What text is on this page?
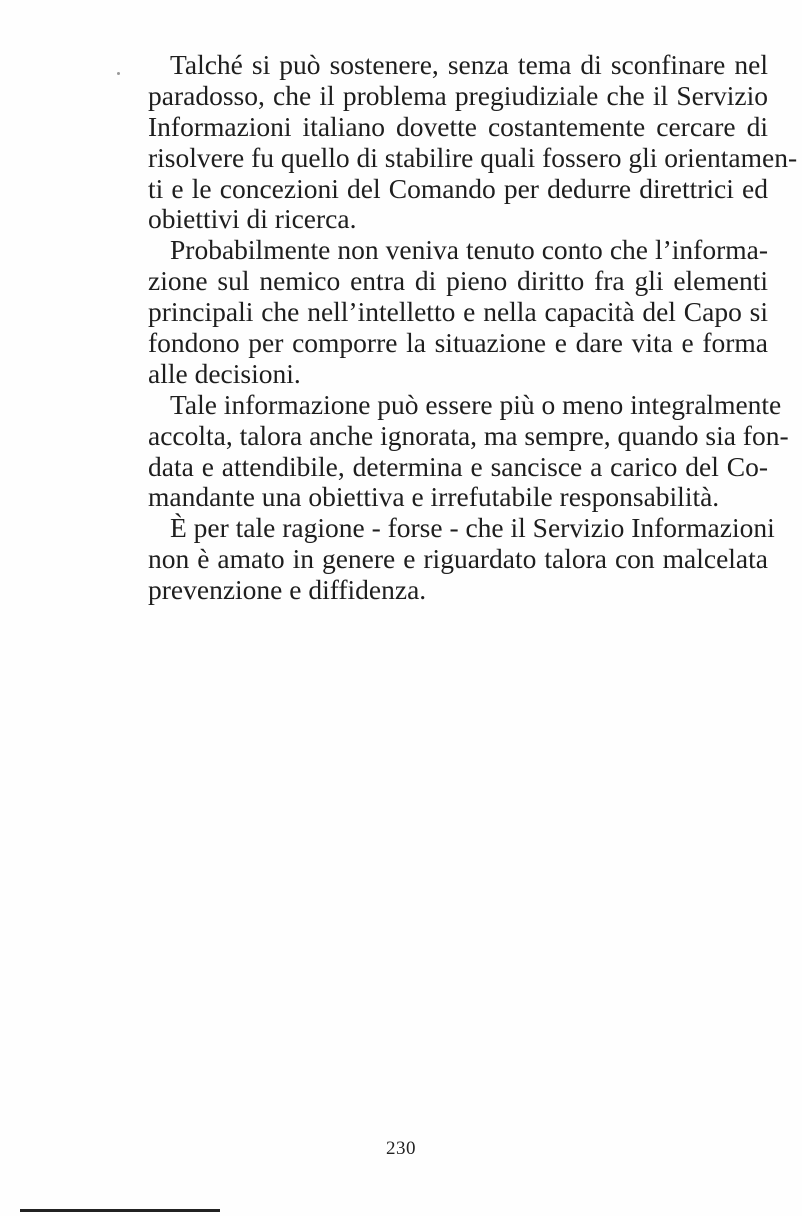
Talché si può sostenere, senza tema di sconfinare nel
paradosso, che il problema pregiudiziale che il Servizio
Informazioni italiano dovette costantemente cercare di
risolvere fu quello di stabilire quali fossero gli orientamen-
ti e le concezioni del Comando per dedurre direttrici ed
obiettivi di ricerca.
Probabilmente non veniva tenuto conto che l’informa-
zione sul nemico entra di pieno diritto fra gli elementi
principali che nell’intelletto e nella capacità del Capo si
fondono per comporre la situazione e dare vita e forma
alle decisioni.
Tale informazione può essere più o meno integralmente
accolta, talora anche ignorata, ma sempre, quando sia fon-
data e attendibile, determina e sancisce a carico del Co-
mandante una obiettiva e irrefutabile responsabilità.
È per tale ragione - forse - che il Servizio Informazioni
non è amato in genere e riguardato talora con malcelata
prevenzione e diffidenza.
230
